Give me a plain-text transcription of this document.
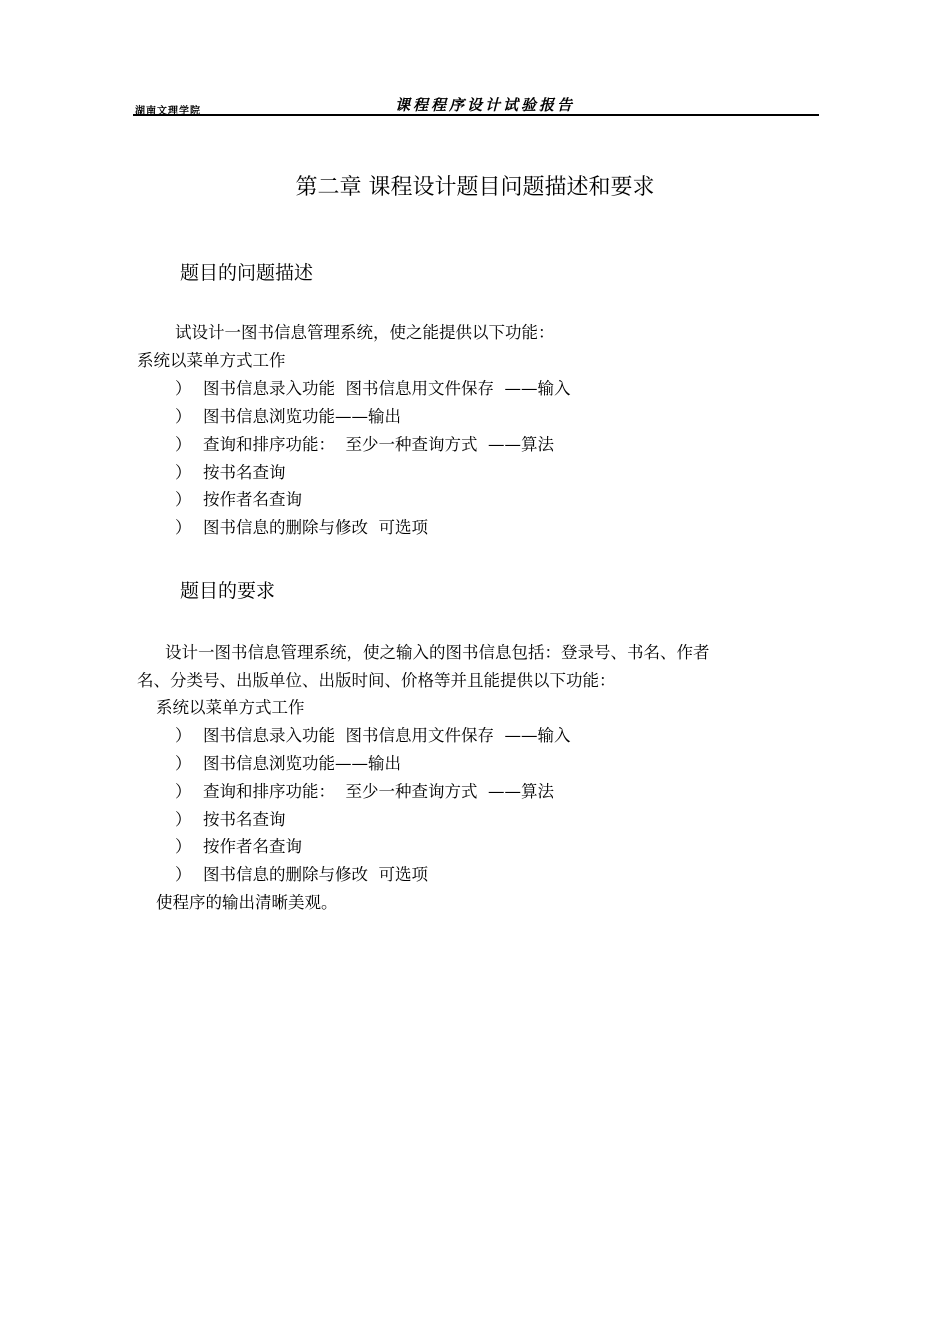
湖南文理学院	课程程序设计试验报告
第二章 课程设计题目问题描述和要求
题目的问题描述
试设计一图书信息管理系统，使之能提供以下功能：
系统以菜单方式工作
） 图书信息录入功能  图书信息用文件保存  ——输入
） 图书信息浏览功能——输出
） 查询和排序功能：  至少一种查询方式  ——算法
） 按书名查询
） 按作者名查询
） 图书信息的删除与修改  可选项
题目的要求
设计一图书信息管理系统，使之输入的图书信息包括：登录号、书名、作者
名、分类号、出版单位、出版时间、价格等并且能提供以下功能：
系统以菜单方式工作
） 图书信息录入功能  图书信息用文件保存  ——输入
） 图书信息浏览功能——输出
） 查询和排序功能：  至少一种查询方式  ——算法
） 按书名查询
） 按作者名查询
） 图书信息的删除与修改  可选项
使程序的输出清晰美观。
